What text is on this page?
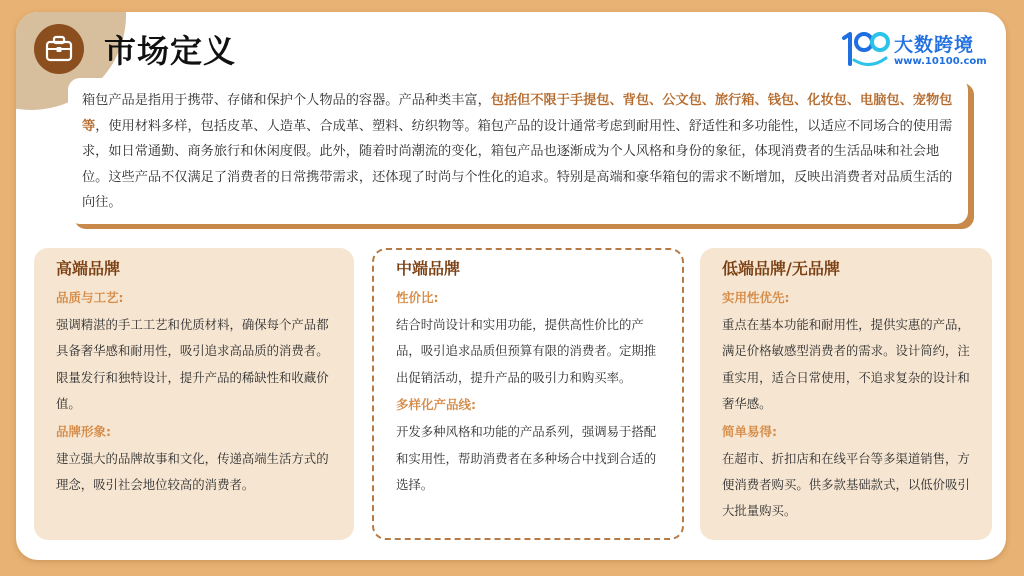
市场定义	大数跨境
www.10100.com

箱包产品是指用于携带、存储和保护个人物品的容器。产品种类丰富，包括但不限于手提包、背包、公文包、旅行箱、钱包、化妆包、电脑包、宠物包等，使用材料多样，包括皮革、人造革、合成革、塑料、纺织物等。箱包产品的设计通常考虑到耐用性、舒适性和多功能性，以适应不同场合的使用需求，如日常通勤、商务旅行和休闲度假。此外，随着时尚潮流的变化，箱包产品也逐渐成为个人风格和身份的象征，体现消费者的生活品味和社会地位。这些产品不仅满足了消费者的日常携带需求，还体现了时尚与个性化的追求。特别是高端和豪华箱包的需求不断增加，反映出消费者对品质生活的向往。

高端品牌
品质与工艺:

强调精湛的手工工艺和优质材料，确保每个产品都具备奢华感和耐用性，吸引追求高品质的消费者。限量发行和独特设计，提升产品的稀缺性和收藏价值。

品牌形象:

建立强大的品牌故事和文化，传递高端生活方式的理念，吸引社会地位较高的消费者。

中端品牌
性价比:

结合时尚设计和实用功能，提供高性价比的产品，吸引追求品质但预算有限的消费者。定期推出促销活动，提升产品的吸引力和购买率。

多样化产品线:

开发多种风格和功能的产品系列，强调易于搭配和实用性，帮助消费者在多种场合中找到合适的选择。

低端品牌/无品牌
实用性优先:

重点在基本功能和耐用性，提供实惠的产品，满足价格敏感型消费者的需求。设计简约，注重实用，适合日常使用，不追求复杂的设计和奢华感。

简单易得:

在超市、折扣店和在线平台等多渠道销售，方便消费者购买。供多款基础款式，以低价吸引大批量购买。
